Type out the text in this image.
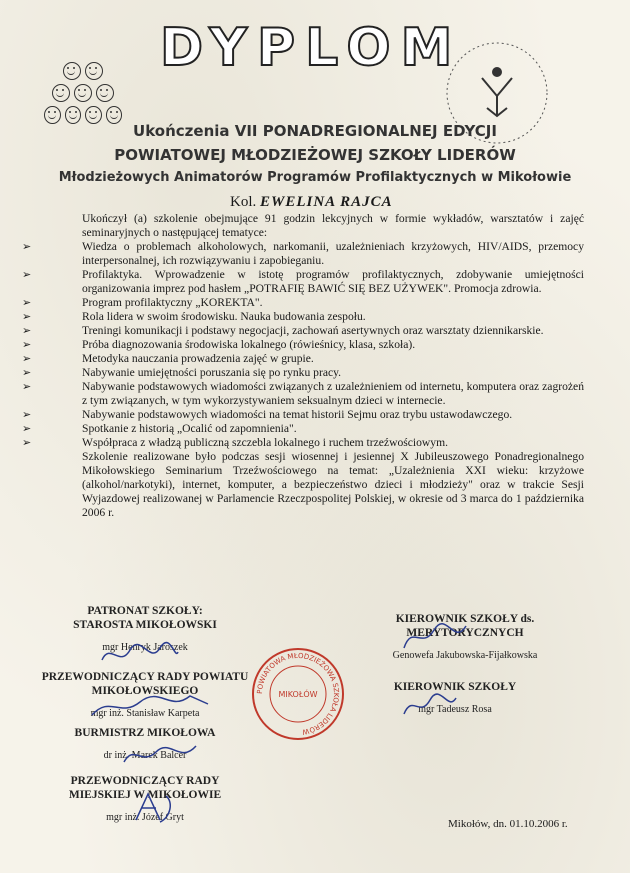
DYPLOM

Ukończenia VII PONADREGIONALNEJ EDYCJI

POWIATOWEJ MŁODZIEŻOWEJ SZKOŁY LIDERÓW

Młodzieżowych Animatorów Programów Profilaktycznych w Mikołowie

Kol. EWELINA RAJCA

Ukończył (a) szkolenie obejmujące 91 godzin lekcyjnych w formie wykładów, warsztatów i zajęć seminaryjnych o następującej tematyce:

➢ Wiedza o problemach alkoholowych, narkomanii, uzależnieniach krzyżowych, HIV/AIDS, przemocy interpersonalnej, ich rozwiązywaniu i zapobieganiu.
➢ Profilaktyka. Wprowadzenie w istotę programów profilaktycznych, zdobywanie umiejętności organizowania imprez pod hasłem „POTRAFIĘ BAWIĆ SIĘ BEZ UŻYWEK". Promocja zdrowia.
➢ Program profilaktyczny „KOREKTA".
➢ Rola lidera w swoim środowisku. Nauka budowania zespołu.
➢ Treningi komunikacji i podstawy negocjacji, zachowań asertywnych oraz warsztaty dziennikarskie.
➢ Próba diagnozowania środowiska lokalnego (rówieśnicy, klasa, szkoła).
➢ Metodyka nauczania prowadzenia zajęć w grupie.
➢ Nabywanie umiejętności poruszania się po rynku pracy.
➢ Nabywanie podstawowych wiadomości związanych z uzależnieniem od internetu, komputera oraz zagrożeń z tym związanych, w tym wykorzystywaniem seksualnym dzieci w internecie.
➢ Nabywanie podstawowych wiadomości na temat historii Sejmu oraz trybu ustawodawczego.
➢ Spotkanie z historią „Ocalić od zapomnienia".
➢ Współpraca z władzą publiczną szczebla lokalnego i ruchem trzeźwościowym.

Szkolenie realizowane było podczas sesji wiosennej i jesiennej X Jubileuszowego Ponadregionalnego Mikołowskiego Seminarium Trzeźwościowego na temat: „Uzależnienia XXI wieku: krzyżowe (alkohol/narkotyki), internet, komputer, a bezpieczeństwo dzieci i młodzieży" oraz w trakcie Sesji Wyjazdowej realizowanej w Parlamencie Rzeczpospolitej Polskiej, w okresie od 3 marca do 1 października 2006 r.

PATRONAT SZKOŁY:
STAROSTA MIKOŁOWSKI
mgr Henryk Jaroszek
PRZEWODNICZĄCY RADY POWIATU MIKOŁOWSKIEGO
mgr inż. Stanisław Karpeta
BURMISTRZ MIKOŁOWA
dr inż. Marek Balcer
PRZEWODNICZĄCY RADY MIEJSKIEJ W MIKOŁOWIE
mgr inż. Józef Gryt
KIEROWNIK SZKOŁY ds. MERYTORYCZNYCH
Genowefa Jakubowska-Fijałkowska
KIEROWNIK SZKOŁY
mgr Tadeusz Rosa
POWIATOWA MŁODZIEŻOWA SZKOŁA LIDERÓW
MIKOŁÓW
Mikołów, dn. 01.10.2006 r.
